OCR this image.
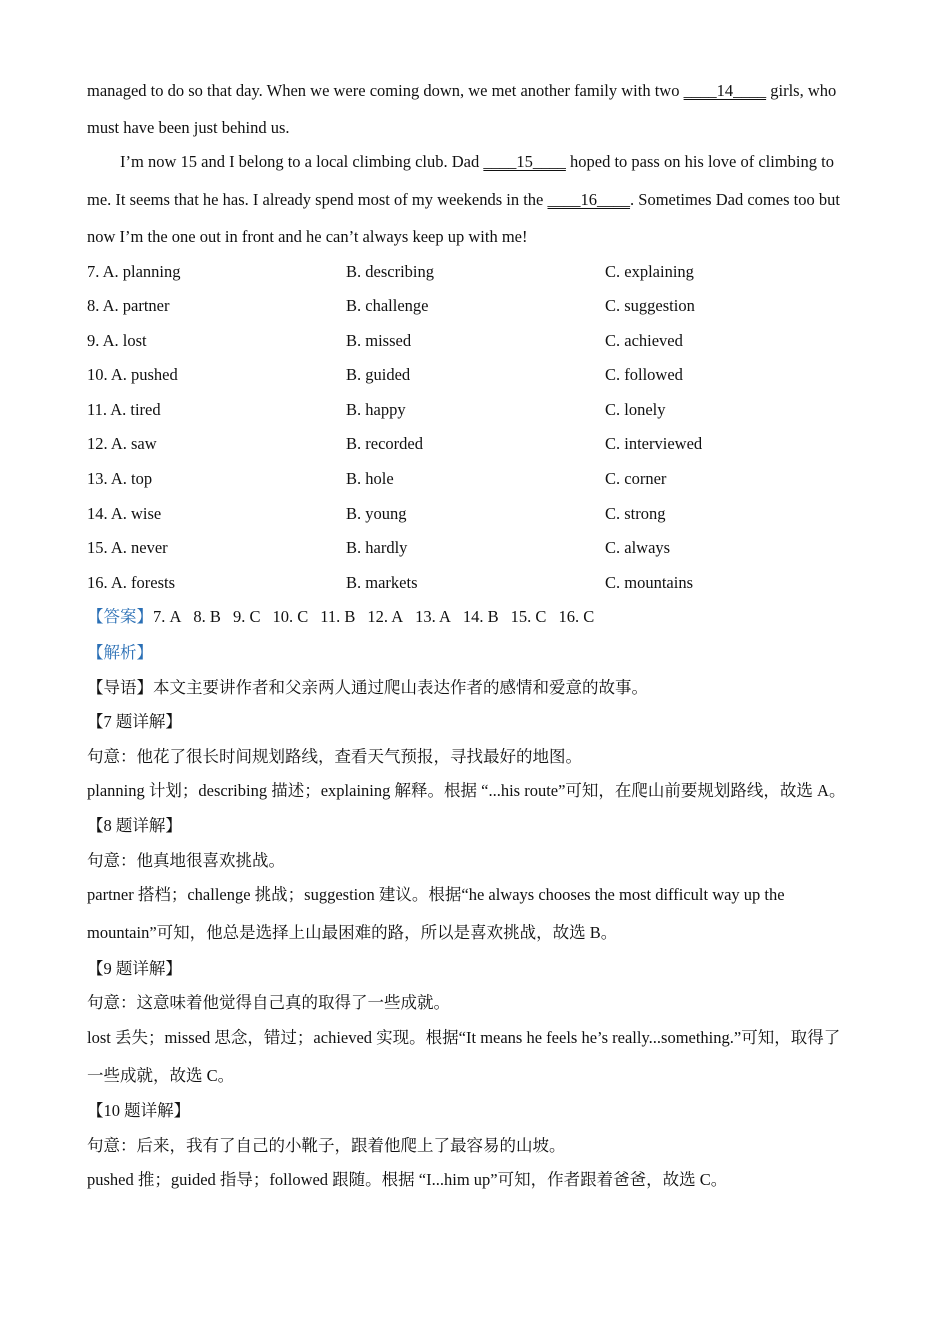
managed to do so that day. When we were coming down, we met another family with two ____14____ girls, who
must have been just behind us.
I’m now 15 and I belong to a local climbing club. Dad ____15____ hoped to pass on his love of climbing to
me. It seems that he has. I already spend most of my weekends in the ____16____. Sometimes Dad comes too but
now I’m the one out in front and he can’t always keep up with me!
7. A. planning	B. describing	C. explaining
8. A. partner	B. challenge	C. suggestion
9. A. lost	B. missed	C. achieved
10. A. pushed	B. guided	C. followed
11. A. tired	B. happy	C. lonely
12. A. saw	B. recorded	C. interviewed
13. A. top	B. hole	C. corner
14. A. wise	B. young	C. strong
15. A. never	B. hardly	C. always
16. A. forests	B. markets	C. mountains
【答案】7. A 8. B 9. C 10. C 11. B 12. A 13. A 14. B 15. C 16. C
【解析】
【导语】本文主要讲作者和父亲两人通过爬山表达作者的感情和爱意的故事。
【7 题详解】
句意：他花了很长时间规划路线，查看天气预报，寻找最好的地图。
planning 计划；describing 描述；explaining 解释。根据 “...his route”可知，在爬山前要规划路线，故选 A。
【8 题详解】
句意：他真地很喜欢挑战。
partner 搭档；challenge 挑战；suggestion 建议。根据“he always chooses the most difficult way up the
mountain”可知，他总是选择上山最困难的路，所以是喜欢挑战，故选 B。
【9 题详解】
句意：这意味着他觉得自己真的取得了一些成就。
lost 丢失；missed 思念，错过；achieved 实现。根据“It means he feels he’s really...something.”可知，取得了
一些成就，故选 C。
【10 题详解】
句意：后来，我有了自己的小靴子，跟着他爬上了最容易的山坡。
pushed 推；guided 指导；followed 跟随。根据 “I...him up”可知，作者跟着爸爸，故选 C。
